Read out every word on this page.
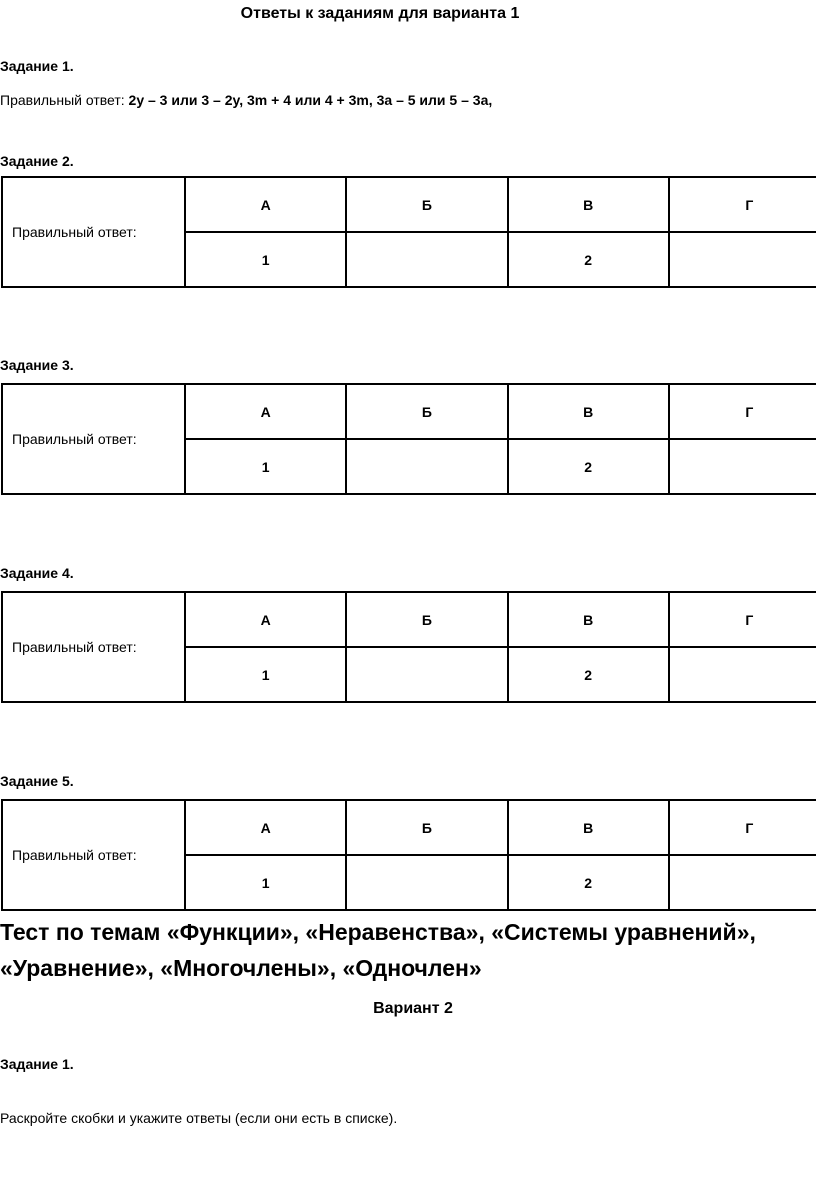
Ответы к заданиям для варианта 1
Задание 1.
Правильный ответ: 2у – 3 или 3 – 2у, 3m + 4 или 4 + 3m, 3а – 5 или 5 – 3а,
Задание 2.
Правильный ответ:	А	Б	В	Г
	1		2	
Задание 3.
Правильный ответ:	А	Б	В	Г
	1		2	
Задание 4.
Правильный ответ:	А	Б	В	Г
	1		2	
Задание 5.
Правильный ответ:	А	Б	В	Г
	1		2	
Тест по темам «Функции», «Неравенства», «Системы уравнений»,
«Уравнение», «Многочлены», «Одночлен»
Вариант 2
Задание 1.
Раскройте скобки и укажите ответы (если они есть в списке).
